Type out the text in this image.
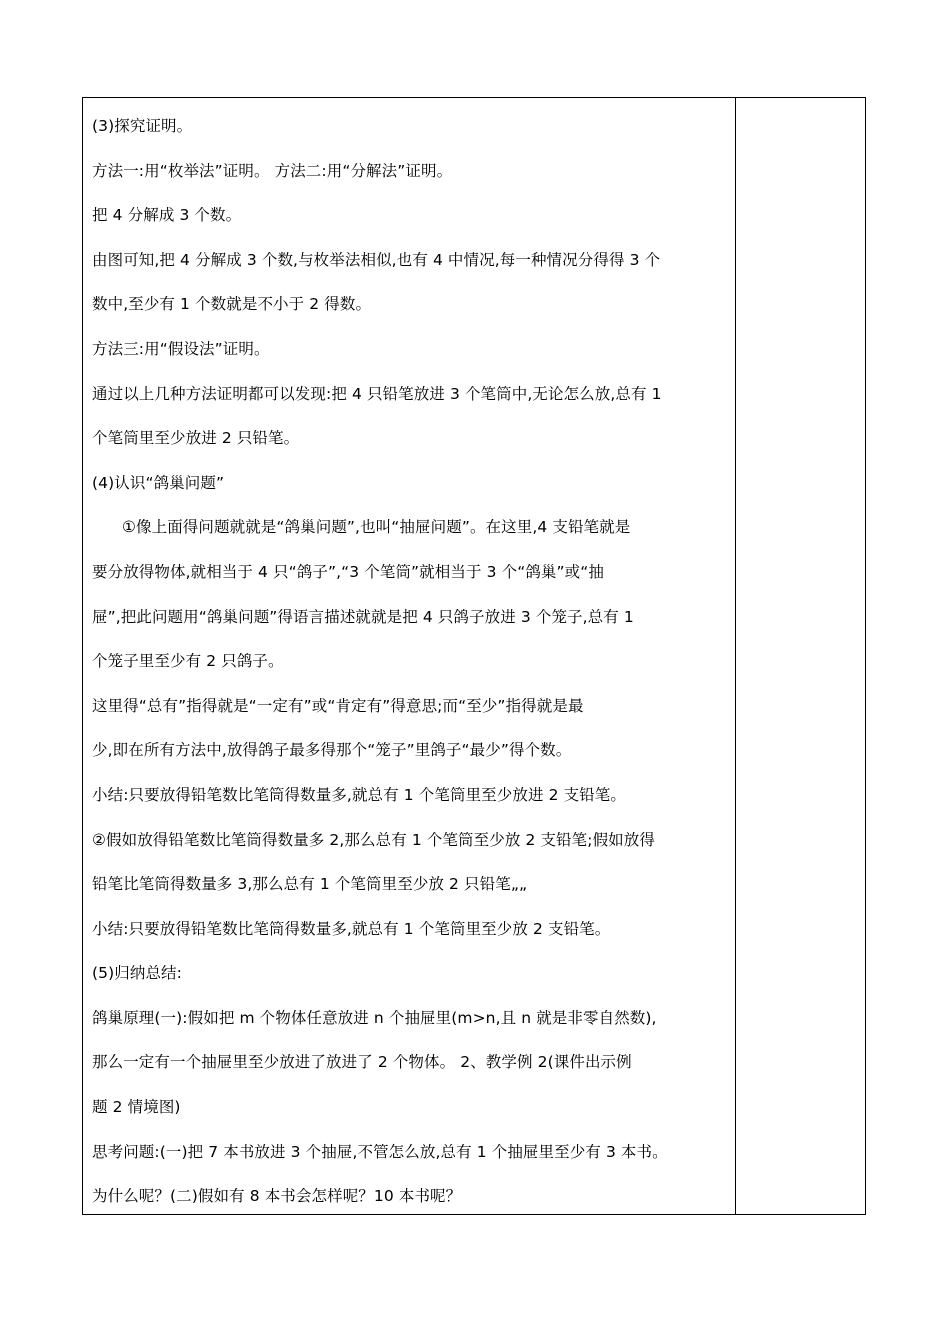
(3)探究证明。
方法一:用“枚举法”证明。 方法二:用“分解法”证明。
把 4 分解成 3 个数。
由图可知,把 4 分解成 3 个数,与枚举法相似,也有 4 中情况,每一种情况分得得 3 个
数中,至少有 1 个数就是不小于 2 得数。
方法三:用“假设法”证明。
通过以上几种方法证明都可以发现:把 4 只铅笔放进 3 个笔筒中,无论怎么放,总有 1
个笔筒里至少放进 2 只铅笔。
(4)认识“鸽巢问题”
①像上面得问题就就是“鸽巢问题”,也叫“抽屉问题”。在这里,4 支铅笔就是
要分放得物体,就相当于 4 只“鸽子”,“3 个笔筒”就相当于 3 个“鸽巢”或“抽
屉”,把此问题用“鸽巢问题”得语言描述就就是把 4 只鸽子放进 3 个笼子,总有 1
个笼子里至少有 2 只鸽子。
这里得“总有”指得就是“一定有”或“肯定有”得意思;而“至少”指得就是最
少,即在所有方法中,放得鸽子最多得那个“笼子”里鸽子“最少”得个数。
小结:只要放得铅笔数比笔筒得数量多,就总有 1 个笔筒里至少放进 2 支铅笔。
②假如放得铅笔数比笔筒得数量多 2,那么总有 1 个笔筒至少放 2 支铅笔;假如放得
铅笔比笔筒得数量多 3,那么总有 1 个笔筒里至少放 2 只铅笔„„
小结:只要放得铅笔数比笔筒得数量多,就总有 1 个笔筒里至少放 2 支铅笔。
(5)归纳总结:
鸽巢原理(一):假如把 m 个物体任意放进 n 个抽屉里(m>n,且 n 就是非零自然数),
那么一定有一个抽屉里至少放进了放进了 2 个物体。 2、教学例 2(课件出示例
题 2 情境图)
思考问题:(一)把 7 本书放进 3 个抽屉,不管怎么放,总有 1 个抽屉里至少有 3 本书。
为什么呢？(二)假如有 8 本书会怎样呢？10 本书呢？
